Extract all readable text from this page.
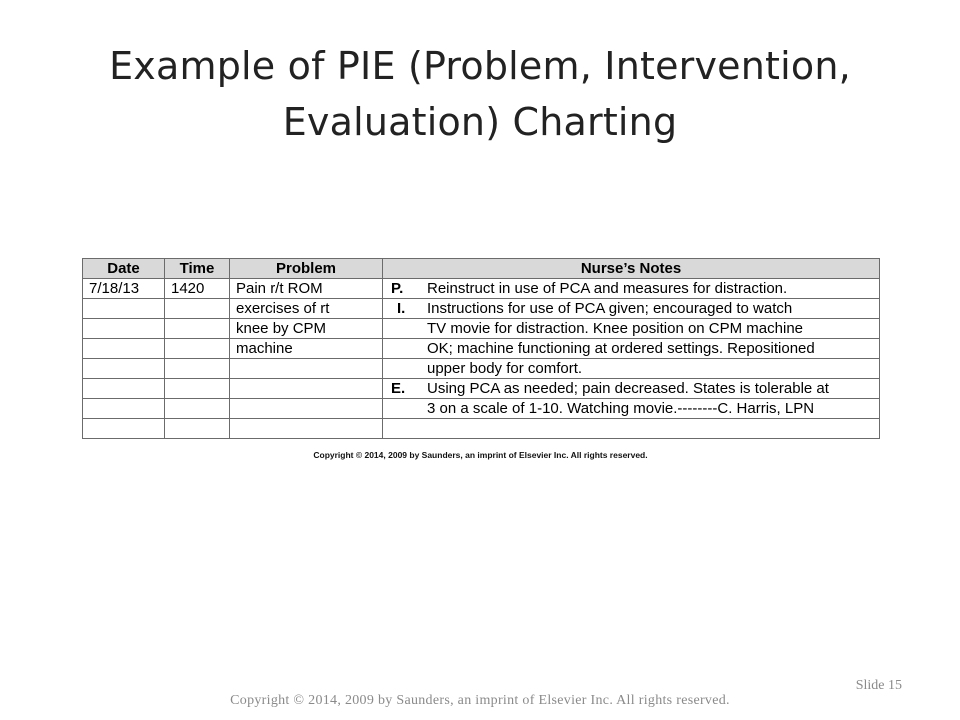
Example of PIE (Problem, Intervention,
Evaluation) Charting
Date	Time	Problem	Nurse’s Notes
7/18/13	1420	Pain r/t ROM	P. Reinstruct in use of PCA and measures for distraction.
		exercises of rt	I. Instructions for use of PCA given; encouraged to watch
		knee by CPM	TV movie for distraction. Knee position on CPM machine
		machine	OK; machine functioning at ordered settings. Repositioned
			upper body for comfort.
			E. Using PCA as needed; pain decreased. States is tolerable at
			3 on a scale of 1-10. Watching movie.--------C. Harris, LPN

Copyright © 2014, 2009 by Saunders, an imprint of Elsevier Inc. All rights reserved.
Slide 15
Copyright © 2014, 2009 by Saunders, an imprint of Elsevier Inc. All rights reserved.
